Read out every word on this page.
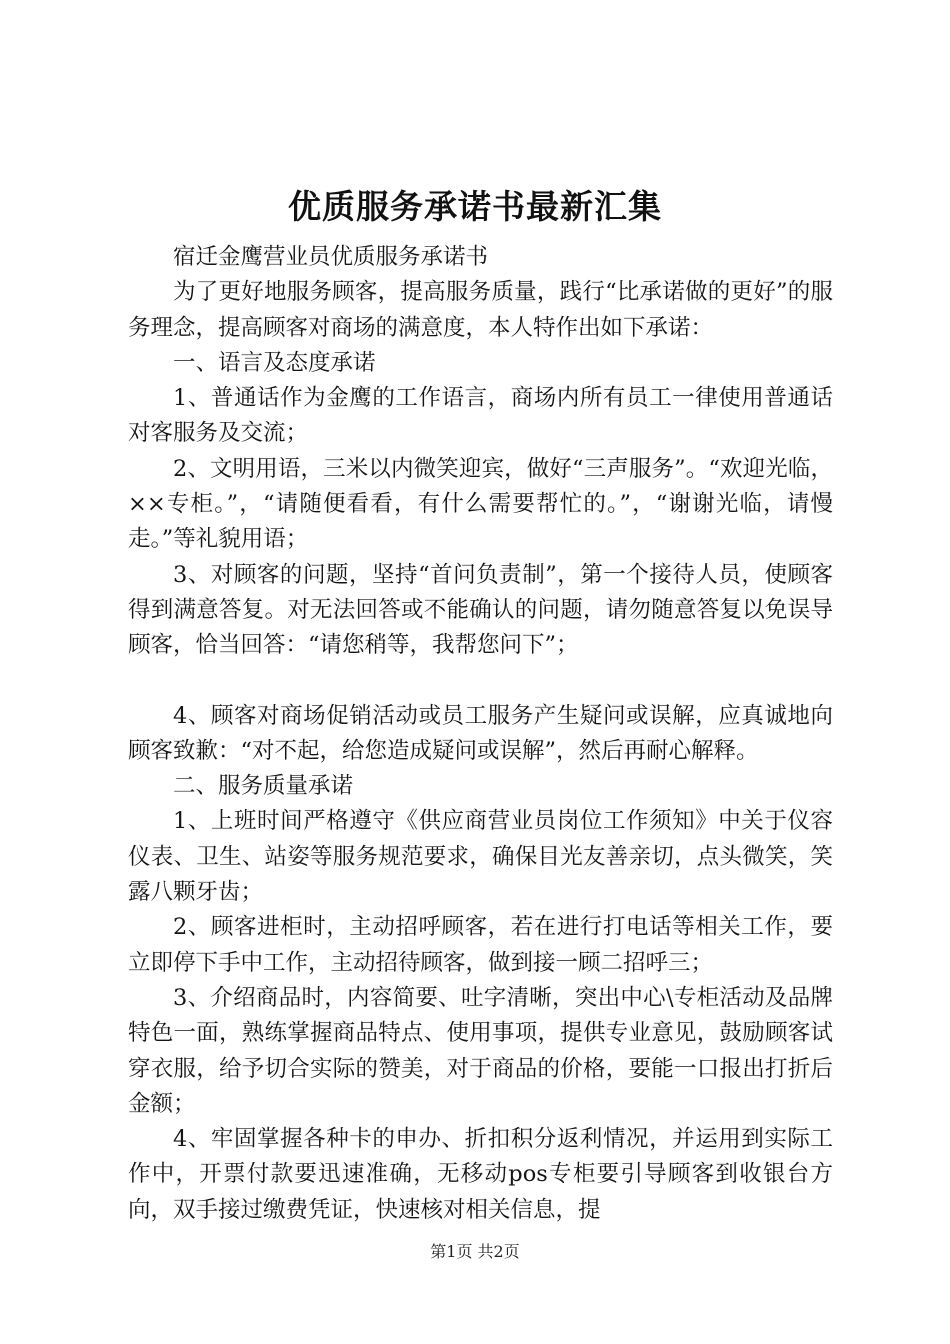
优质服务承诺书最新汇集

宿迁金鹰营业员优质服务承诺书

为了更好地服务顾客，提高服务质量，践行“比承诺做的更好”的服务理念，提高顾客对商场的满意度，本人特作出如下承诺：

一、语言及态度承诺

1、普通话作为金鹰的工作语言，商场内所有员工一律使用普通话对客服务及交流；

2、文明用语，三米以内微笑迎宾，做好“三声服务”。“欢迎光临，××专柜。”，“请随便看看，有什么需要帮忙的。”，“谢谢光临，请慢走。”等礼貌用语；

3、对顾客的问题，坚持“首问负责制”，第一个接待人员，使顾客得到满意答复。对无法回答或不能确认的问题，请勿随意答复以免误导顾客，恰当回答：“请您稍等，我帮您问下”；

4、顾客对商场促销活动或员工服务产生疑问或误解，应真诚地向顾客致歉：“对不起，给您造成疑问或误解”，然后再耐心解释。

二、服务质量承诺

1、上班时间严格遵守《供应商营业员岗位工作须知》中关于仪容仪表、卫生、站姿等服务规范要求，确保目光友善亲切，点头微笑，笑露八颗牙齿；

2、顾客进柜时，主动招呼顾客，若在进行打电话等相关工作，要立即停下手中工作，主动招待顾客，做到接一顾二招呼三；

3、介绍商品时，内容简要、吐字清晰，突出中心\专柜活动及品牌特色一面，熟练掌握商品特点、使用事项，提供专业意见，鼓励顾客试穿衣服，给予切合实际的赞美，对于商品的价格，要能一口报出打折后金额；

4、牢固掌握各种卡的申办、折扣积分返利情况，并运用到实际工作中，开票付款要迅速准确，无移动pos专柜要引导顾客到收银台方向，双手接过缴费凭证，快速核对相关信息，提

第1页 共2页
